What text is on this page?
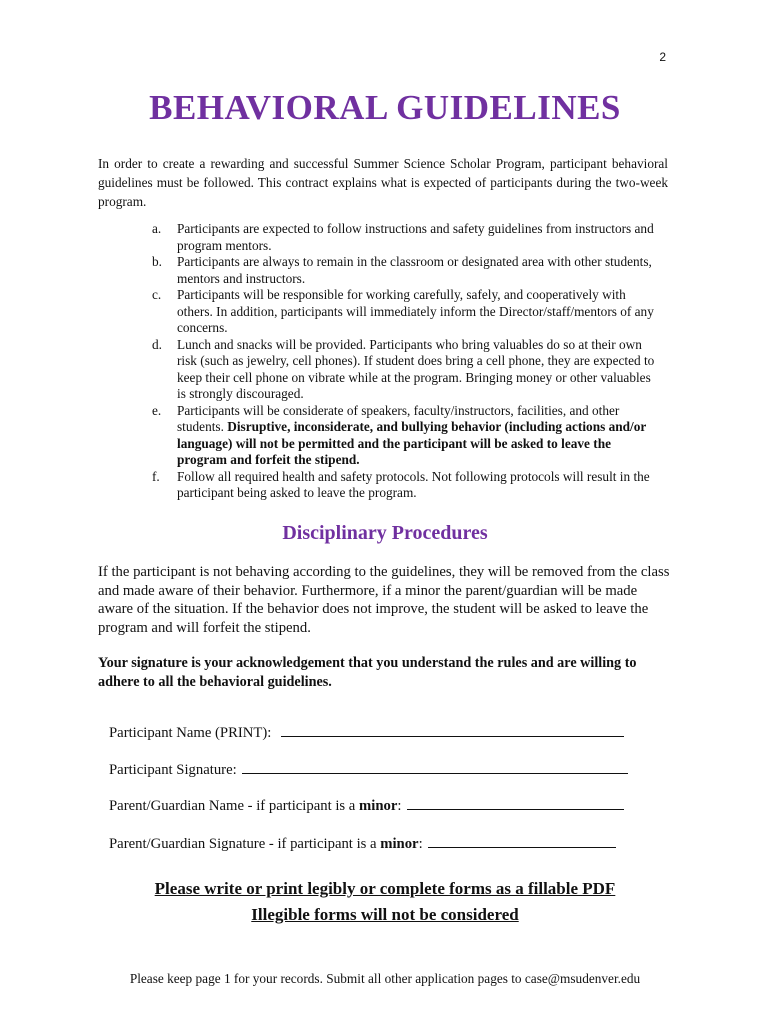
2
BEHAVIORAL GUIDELINES
In order to create a rewarding and successful Summer Science Scholar Program, participant behavioral guidelines must be followed. This contract explains what is expected of participants during the two-week program.
a. Participants are expected to follow instructions and safety guidelines from instructors and program mentors.
b. Participants are always to remain in the classroom or designated area with other students, mentors and instructors.
c. Participants will be responsible for working carefully, safely, and cooperatively with others. In addition, participants will immediately inform the Director/staff/mentors of any concerns.
d. Lunch and snacks will be provided. Participants who bring valuables do so at their own risk (such as jewelry, cell phones). If student does bring a cell phone, they are expected to keep their cell phone on vibrate while at the program. Bringing money or other valuables is strongly discouraged.
e. Participants will be considerate of speakers, faculty/instructors, facilities, and other students. Disruptive, inconsiderate, and bullying behavior (including actions and/or language) will not be permitted and the participant will be asked to leave the program and forfeit the stipend.
f. Follow all required health and safety protocols. Not following protocols will result in the participant being asked to leave the program.
Disciplinary Procedures
If the participant is not behaving according to the guidelines, they will be removed from the class and made aware of their behavior. Furthermore, if a minor the parent/guardian will be made aware of the situation. If the behavior does not improve, the student will be asked to leave the program and will forfeit the stipend.
Your signature is your acknowledgement that you understand the rules and are willing to adhere to all the behavioral guidelines.
Participant Name (PRINT):
Participant Signature:
Parent/Guardian Name - if participant is a minor:
Parent/Guardian Signature - if participant is a minor:
Please write or print legibly or complete forms as a fillable PDF
Illegible forms will not be considered
Please keep page 1 for your records. Submit all other application pages to case@msudenver.edu
